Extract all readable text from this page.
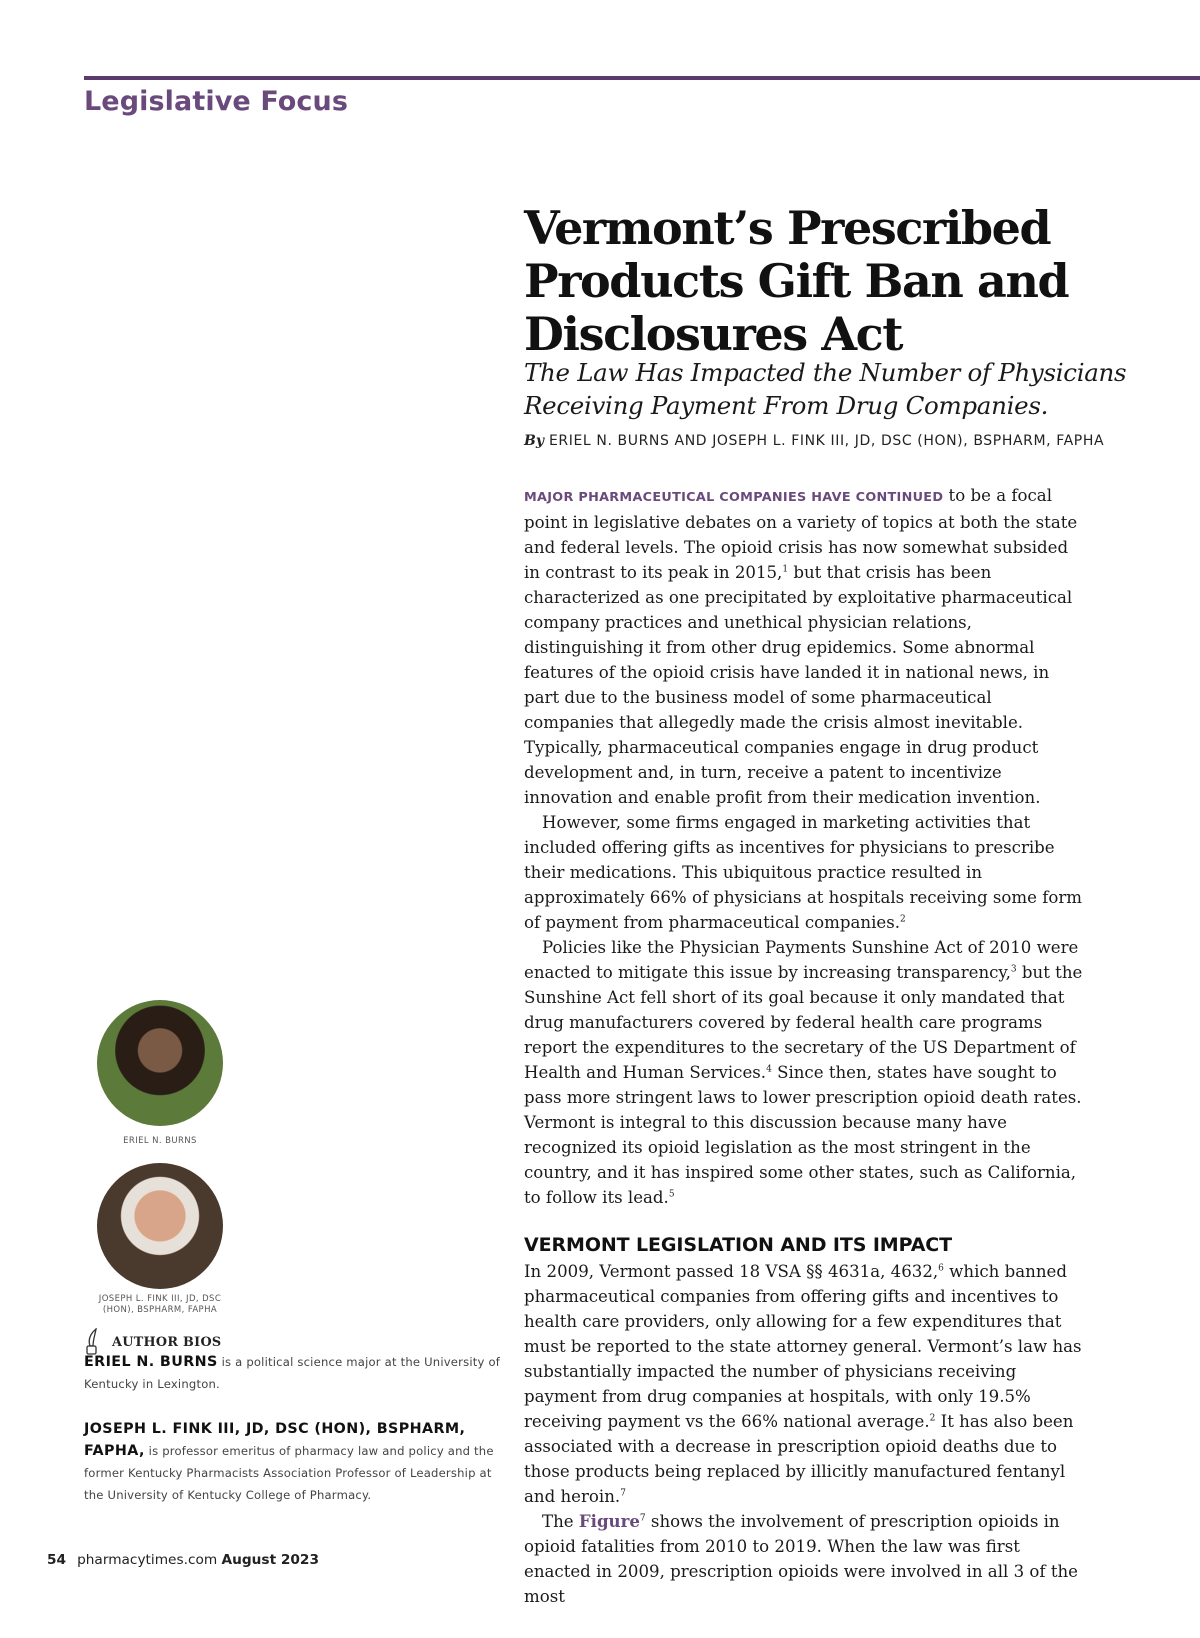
Legislative Focus
Vermont’s Prescribed Products Gift Ban and Disclosures Act

The Law Has Impacted the Number of Physicians Receiving Payment From Drug Companies.

By ERIEL N. BURNS AND JOSEPH L. FINK III, JD, DSC (HON), BSPHARM, FAPHA

MAJOR PHARMACEUTICAL COMPANIES HAVE CONTINUED to be a focal point in legislative debates on a variety of topics at both the state and federal levels. The opioid crisis has now somewhat subsided in contrast to its peak in 2015,$^1$ but that crisis has been characterized as one precipitated by exploitative pharmaceutical company practices and unethical physician relations, distinguishing it from other drug epidemics. Some abnormal features of the opioid crisis have landed it in national news, in part due to the business model of some pharmaceutical companies that allegedly made the crisis almost inevitable. Typically, pharmaceutical companies engage in drug product development and, in turn, receive a patent to incentivize innovation and enable profit from their medication invention.

However, some firms engaged in marketing activities that included offering gifts as incentives for physicians to prescribe their medications. This ubiquitous practice resulted in approximately 66% of physicians at hospitals receiving some form of payment from pharmaceutical companies.$^2$

Policies like the Physician Payments Sunshine Act of 2010 were enacted to mitigate this issue by increasing transparency,$^3$ but the Sunshine Act fell short of its goal because it only mandated that drug manufacturers covered by federal health care programs report the expenditures to the secretary of the US Department of Health and Human Services.$^4$ Since then, states have sought to pass more stringent laws to lower prescription opioid death rates. Vermont is integral to this discussion because many have recognized its opioid legislation as the most stringent in the country, and it has inspired some other states, such as California, to follow its lead.$^5$

VERMONT LEGISLATION AND ITS IMPACT

In 2009, Vermont passed 18 VSA §§ 4631a, 4632,$^6$ which banned pharmaceutical companies from offering gifts and incentives to health care providers, only allowing for a few expenditures that must be reported to the state attorney general. Vermont’s law has substantially impacted the number of physicians receiving payment from drug companies at hospitals, with only 19.5% receiving payment vs the 66% national average.$^2$ It has also been associated with a decrease in prescription opioid deaths due to those products being replaced by illicitly manufactured fentanyl and heroin.$^7$

The Figure$^7$ shows the involvement of prescription opioids in opioid fatalities from 2010 to 2019. When the law was first enacted in 2009, prescription opioids were involved in all 3 of the most

ERIEL N. BURNS
JOSEPH L. FINK III, JD, DSC (HON), BSPHARM, FAPHA
AUTHOR BIOS

ERIEL N. BURNS is a political science major at the University of Kentucky in Lexington.

JOSEPH L. FINK III, JD, DSC (HON), BSPHARM, FAPHA, is professor emeritus of pharmacy law and policy and the former Kentucky Pharmacists Association Professor of Leadership at the University of Kentucky College of Pharmacy.

54 pharmacytimes.com August 2023
